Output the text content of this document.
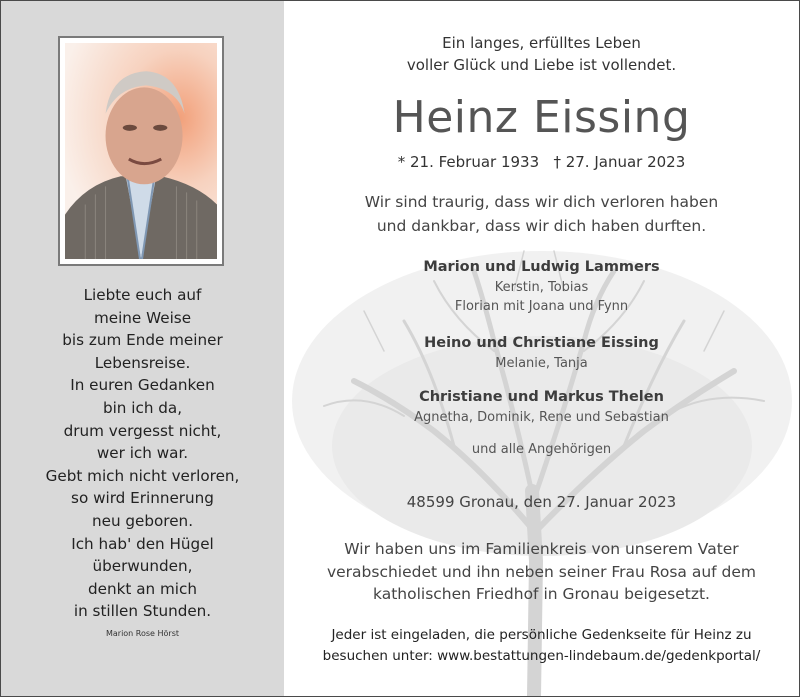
Liebte euch auf
meine Weise
bis zum Ende meiner
Lebensreise.
In euren Gedanken
bin ich da,
drum vergesst nicht,
wer ich war.
Gebt mich nicht verloren,
so wird Erinnerung
neu geboren.
Ich hab' den Hügel
überwunden,
denkt an mich
in stillen Stunden.
Marion Rose Hörst
Ein langes, erfülltes Leben
voller Glück und Liebe ist vollendet.
Heinz Eissing
* 21. Februar 1933   † 27. Januar 2023
Wir sind traurig, dass wir dich verloren haben
und dankbar, dass wir dich haben durften.
Marion und Ludwig Lammers
Kerstin, Tobias
Florian mit Joana und Fynn
Heino und Christiane Eissing
Melanie, Tanja
Christiane und Markus Thelen
Agnetha, Dominik, Rene und Sebastian
und alle Angehörigen
48599 Gronau, den 27. Januar 2023
Wir haben uns im Familienkreis von unserem Vater
verabschiedet und ihn neben seiner Frau Rosa auf dem
katholischen Friedhof in Gronau beigesetzt.
Jeder ist eingeladen, die persönliche Gedenkseite für Heinz zu
besuchen unter: www.bestattungen-lindebaum.de/gedenkportal/
